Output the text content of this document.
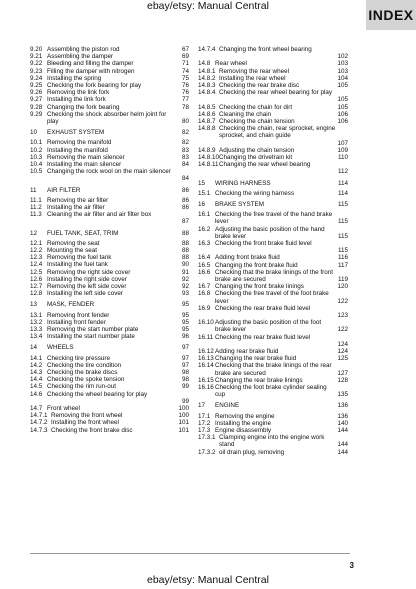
ebay/etsy: Manual Central
INDEX
9.20 Assembling the piston rod	67
9.21 Assembling the damper	69
9.22 Bleeding and filling the damper	71
9.23 Filling the damper with nitrogen	74
9.24 Installing the spring	75
9.25 Checking the fork bearing for play	76
9.26 Removing the link fork	76
9.27 Installing the link fork	77
9.28 Changing the fork bearing	78
9.29 Checking the shock absorber helm joint for play	80
10 EXHAUST SYSTEM	82
10.1 Removing the manifold	82
10.2 Installing the manifold	83
10.3 Removing the main silencer	83
10.4 Installing the main silencer	84
10.5 Changing the rock wool on the main silencer
84
11 AIR FILTER	86
11.1 Removing the air filter	86
11.2 Installing the air filter	86
11.3 Cleaning the air filter and air filter box
87
12 FUEL TANK, SEAT, TRIM	88
12.1 Removing the seat	88
12.2 Mounting the seat	88
12.3 Removing the fuel tank	88
12.4 Installing the fuel tank	90
12.5 Removing the right side cover	91
12.6 Installing the right side cover	92
12.7 Removing the left side cover	92
12.8 Installing the left side cover	93
13 MASK, FENDER	95
13.1 Removing front fender	95
13.2 Installing front fender	95
13.3 Removing the start number plate	95
13.4 Installing the start number plate	96
14 WHEELS	97
14.1 Checking tire pressure	97
14.2 Checking the tire condition	97
14.3 Checking the brake discs	98
14.4 Checking the spoke tension	98
14.5 Checking the rim run-out	99
14.6 Checking the wheel bearing for play
99
14.7 Front wheel	100
14.7.1 Removing the front wheel	100
14.7.2 Installing the front wheel	101
14.7.3 Checking the front brake disc	101
14.7.4 Changing the front wheel bearing
102
14.8 Rear wheel	103
14.8.1 Removing the rear wheel	103
14.8.2 Installing the rear wheel	104
14.8.3 Checking the rear brake disc	105
14.8.4 Checking the rear wheel bearing for play
105
14.8.5 Checking the chain for dirt	105
14.8.6 Cleaning the chain	106
14.8.7 Checking the chain tension	106
14.8.8 Checking the chain, rear sprocket, engine sprocket, and chain guide
107
14.8.9 Adjusting the chain tension	109
14.8.10 Changing the drivetrain kit	110
14.8.11 Changing the rear wheel bearing
112
15 WIRING HARNESS	114
15.1 Checking the wiring harness	114
16 BRAKE SYSTEM	115
16.1 Checking the free travel of the hand brake lever	115
16.2 Adjusting the basic position of the hand brake lever	115
16.3 Checking the front brake fluid level
115
16.4 Adding front brake fluid	116
16.5 Changing the front brake fluid	117
16.6 Checking that the brake linings of the front brake are secured	119
16.7 Changing the front brake linings	120
16.8 Checking the free travel of the foot brake lever	122
16.9 Checking the rear brake fluid level
123
16.10 Adjusting the basic position of the foot brake lever	122
16.11 Checking the rear brake fluid level
124
16.12 Adding rear brake fluid	124
16.13 Changing the rear brake fluid	125
16.14 Checking that the brake linings of the rear brake are secured	127
16.15 Changing the rear brake linings	128
16.16 Checking the foot brake cylinder sealing cup	135
17 ENGINE	136
17.1 Removing the engine	136
17.2 Installing the engine	140
17.3 Engine disassembly	144
17.3.1 Clamping engine into the engine work stand	144
17.3.2 oil drain plug, removing	144
3
ebay/etsy: Manual Central
